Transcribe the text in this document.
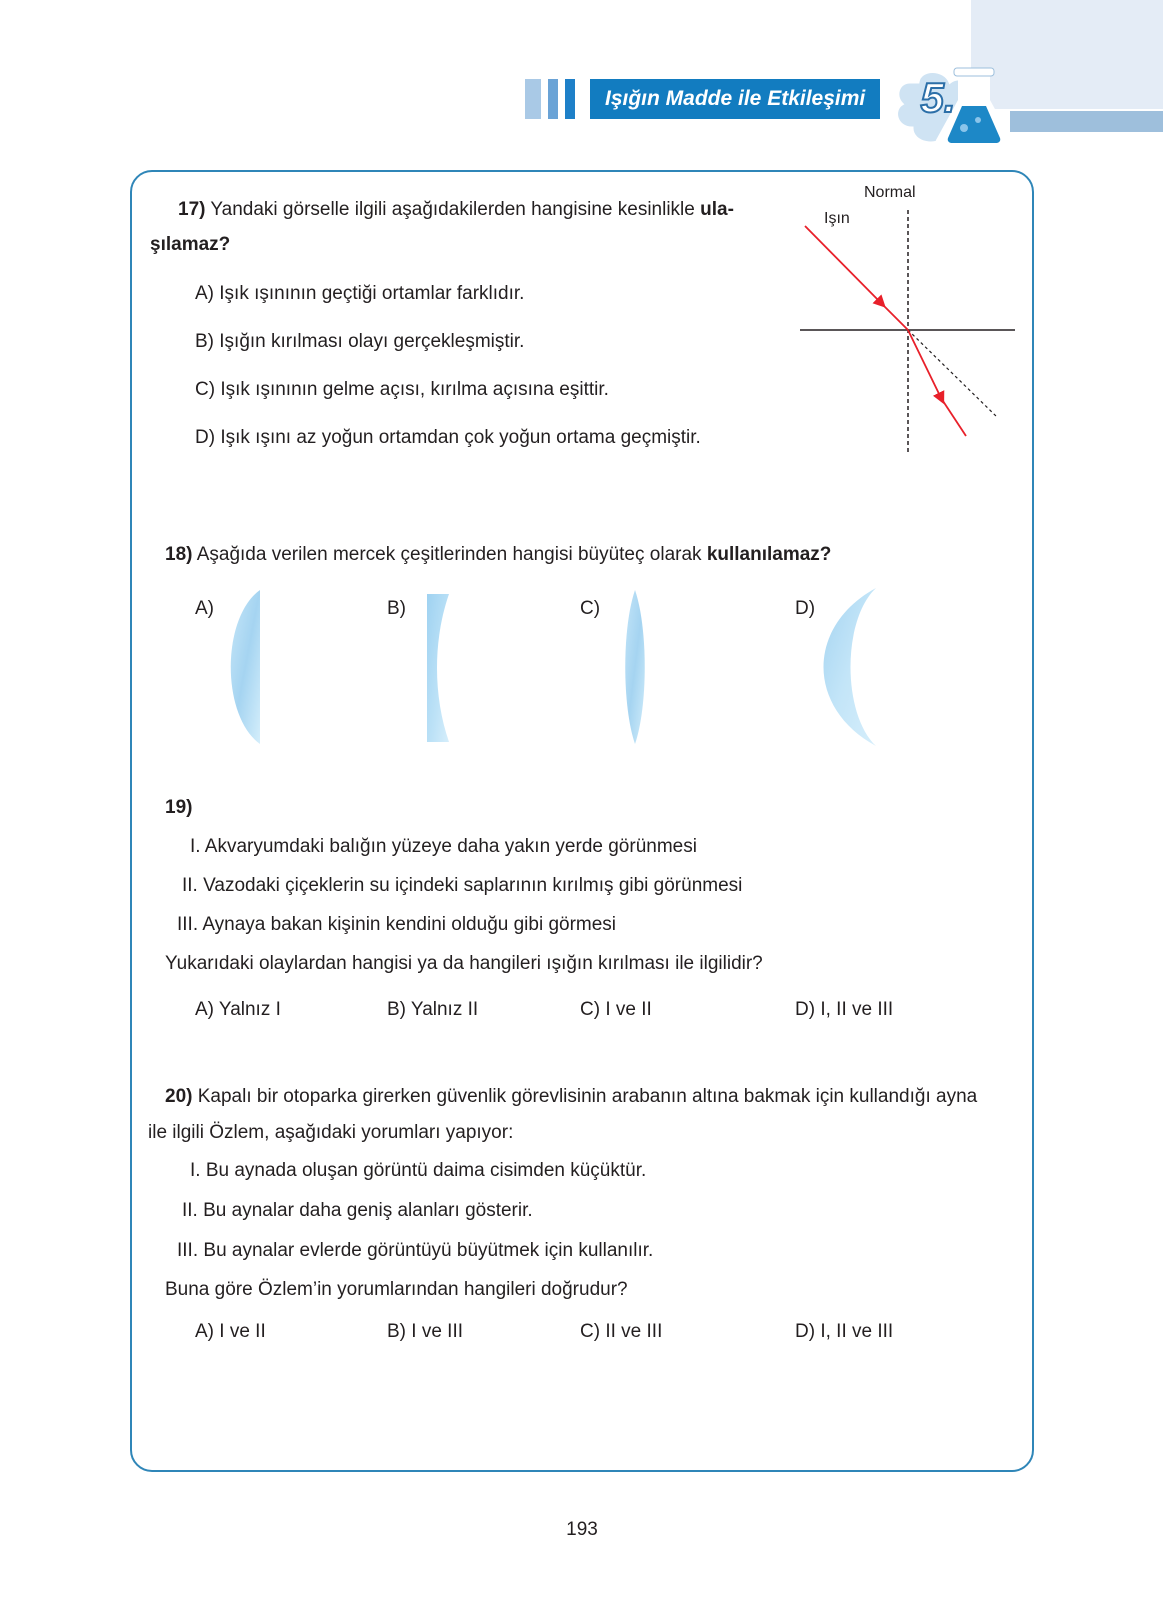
Işığın Madde ile Etkileşimi	5.
17) Yandaki görselle ilgili aşağıdakilerden hangisine kesinlikle ula-
şılamaz?
A) Işık ışınının geçtiği ortamlar farklıdır.
B) Işığın kırılması olayı gerçekleşmiştir.
C) Işık ışınının gelme açısı, kırılma açısına eşittir.
D) Işık ışını az yoğun ortamdan çok yoğun ortama geçmiştir.
Normal
Işın
18) Aşağıda verilen mercek çeşitlerinden hangisi büyüteç olarak kullanılamaz?
A)	B)	C)	D)
19)
I. Akvaryumdaki balığın yüzeye daha yakın yerde görünmesi
II. Vazodaki çiçeklerin su içindeki saplarının kırılmış gibi görünmesi
III. Aynaya bakan kişinin kendini olduğu gibi görmesi
Yukarıdaki olaylardan hangisi ya da hangileri ışığın kırılması ile ilgilidir?
A) Yalnız I	B) Yalnız II	C) I ve II	D) I, II ve III
20) Kapalı bir otoparka girerken güvenlik görevlisinin arabanın altına bakmak için kullandığı ayna
ile ilgili Özlem, aşağıdaki yorumları yapıyor:
I. Bu aynada oluşan görüntü daima cisimden küçüktür.
II. Bu aynalar daha geniş alanları gösterir.
III. Bu aynalar evlerde görüntüyü büyütmek için kullanılır.
Buna göre Özlem’in yorumlarından hangileri doğrudur?
A) I ve II	B) I ve III	C) II ve III	D) I, II ve III
193
